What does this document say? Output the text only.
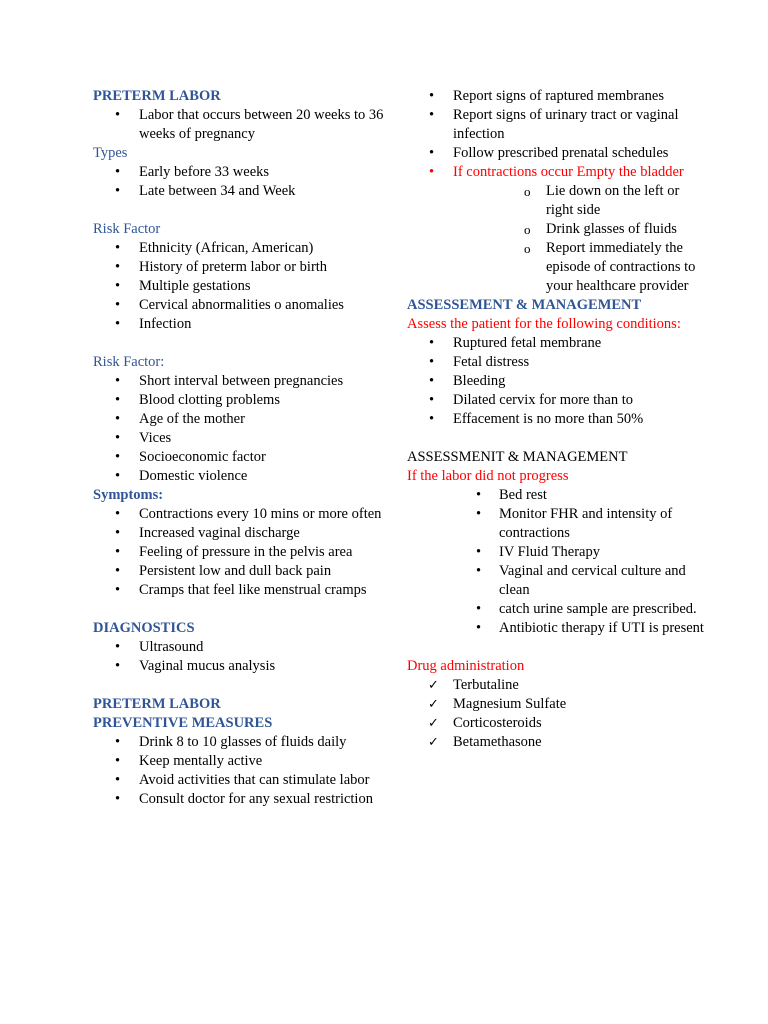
PRETERM LABOR
• Labor that occurs between 20 weeks to 36 weeks of pregnancy
Types
• Early before 33 weeks
• Late between 34 and Week
Risk Factor
• Ethnicity (African, American)
• History of preterm labor or birth
• Multiple gestations
• Cervical abnormalities o anomalies
• Infection
Risk Factor:
• Short interval between pregnancies
• Blood clotting problems
• Age of the mother
• Vices
• Socioeconomic factor
• Domestic violence
Symptoms:
• Contractions every 10 mins or more often
• Increased vaginal discharge
• Feeling of pressure in the pelvis area
• Persistent low and dull back pain
• Cramps that feel like menstrual cramps
DIAGNOSTICS
• Ultrasound
• Vaginal mucus analysis
PRETERM LABOR
PREVENTIVE MEASURES
• Drink 8 to 10 glasses of fluids daily
• Keep mentally active
• Avoid activities that can stimulate labor
• Consult doctor for any sexual restriction
• Report signs of raptured membranes
• Report signs of urinary tract or vaginal infection
• Follow prescribed prenatal schedules
• If contractions occur Empty the bladder
o Lie down on the left or right side
o Drink glasses of fluids
o Report immediately the episode of contractions to your healthcare provider
ASSESSEMENT & MANAGEMENT
Assess the patient for the following conditions:
• Ruptured fetal membrane
• Fetal distress
• Bleeding
• Dilated cervix for more than to
• Effacement is no more than 50%
ASSESSMENIT & MANAGEMENT
If the labor did not progress
• Bed rest
• Monitor FHR and intensity of contractions
• IV Fluid Therapy
• Vaginal and cervical culture and clean
• catch urine sample are prescribed.
• Antibiotic therapy if UTI is present
Drug administration
✓ Terbutaline
✓ Magnesium Sulfate
✓ Corticosteroids
✓ Betamethasone
